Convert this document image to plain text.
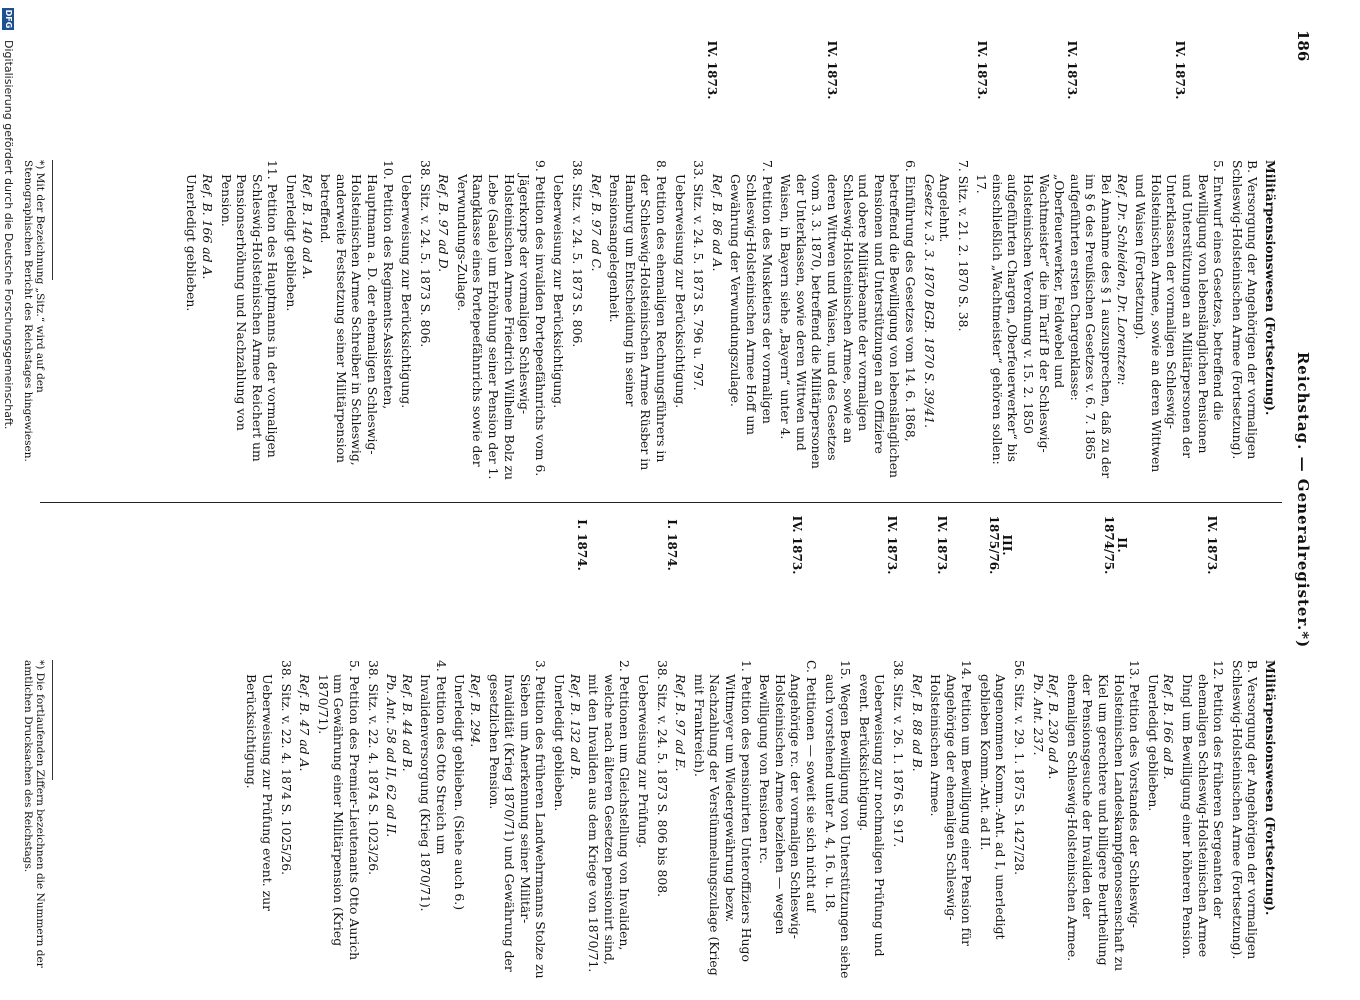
186
Reichstag. — Generalregister.*)
IV. 1873.
IV. 1873.
IV. 1873.
IV. 1873.
IV. 1873.
Militärpensionswesen (Fortsetzung).
B. Versorgung der Angehörigen der vormaligen Schleswig-Holsteinischen Armee (Fortsetzung).
5. Entwurf eines Gesetzes, betreffend die Bewilligung von lebenslänglichen Pensionen und Unterstützungen an Militärpersonen der Unterklassen der vormaligen Schleswig-Holsteinischen Armee, sowie an deren Wittwen und Waisen (Fortsetzung).
Ref. Dr. Schleiden, Dr. Lorentzen:
Bei Annahme des § 1 auszusprechen, daß zu der im § 6 des Preußischen Gesetzes v. 6. 7. 1865 aufgeführten ersten Chargenklasse: „Oberfeuerwerker, Feldwebel und Wachtmeister“ die im Tarif B der Schleswig-Holsteinischen Verordnung v. 15. 2. 1850 aufgeführten Chargen „Oberfeuerwerker“ bis einschließlich „Wachtmeister“ gehören sollen: 17.
7. Sitz. v. 21. 2. 1870 S. 38.
Angelehnt.
Gesetz v. 3. 3. 1870 BGB. 1870 S. 39/41.
6. Einführung des Gesetzes vom 14. 6. 1868, betreffend die Bewilligung von lebenslänglichen Pensionen und Unterstützungen an Offiziere und obere Militärbeamte der vormaligen Schleswig-Holsteinischen Armee, sowie an deren Wittwen und Waisen, und des Gesetzes vom 3. 3. 1870, betreffend die Militärpersonen der Unterklassen, sowie deren Wittwen und Waisen, in Bayern siehe „Bayern“ unter 4.
7. Petition des Musketiers der vormaligen Schleswig-Holsteinischen Armee Hoff um Gewährung der Verwundungszulage.
Ref. B. 86 ad A.
33. Sitz. v. 24. 5. 1873 S. 796 u. 797.
Ueberweisung zur Berücksichtigung.
8. Petition des ehemaligen Rechnungsführers in der Schleswig-Holsteinischen Armee Rüsber in Hamburg um Entscheidung in seiner Pensionsangelegenheit.
Ref. B. 97 ad C.
38. Sitz. v. 24. 5. 1873 S. 806.
Ueberweisung zur Berücksichtigung.
9. Petition des invaliden Portepeefähnrichs vom 6. Jägerkorps der vormaligen Schleswig-Holsteinischen Armee Friedrich Wilhelm Bolz zu Lebe (Saale) um Erhöhung seiner Pension der 1. Rangklasse eines Portepeefähnrichs sowie der Verwundungs-Zulage.
Ref. B. 97 ad D.
38. Sitz. v. 24. 5. 1873 S. 806.
Ueberweisung zur Berücksichtigung.
10. Petition des Regiments-Assistenten, Hauptmann a. D. der ehemaligen Schleswig-Holsteinischen Armee Schreiber in Schleswig, anderweite Festsetzung seiner Militärpension betreffend.
Ref. B. 140 ad A.
Unerledigt geblieben.
11. Petition des Hauptmanns in der vormaligen Schleswig-Holsteinischen Armee Reichert um Pensionserhöhung und Nachzahlung von Pension.
Ref. B. 166 ad A.
Unerledigt geblieben.
*) Mit der Bezeichnung „Sitz.“ wird auf den Stenographischen Bericht des Reichstages hingewiesen.
IV. 1873.
II. 1874/75.
III. 1875/76.
IV. 1873.
IV. 1873.
IV. 1873.
I. 1874.
I. 1874.
Militärpensionswesen (Fortsetzung).
B. Versorgung der Angehörigen der vormaligen Schleswig-Holsteinischen Armee (Fortsetzung).
12. Petition des früheren Sergeanten der ehemaligen Schleswig-Holsteinischen Armee Dingl um Bewilligung einer höheren Pension.
Ref. B. 166 ad B.
Unerledigt geblieben.
13. Petition des Vorstandes der Schleswig-Holsteinischen Landeskampfgenossenschaft zu Kiel um gerechtere und billigere Beurtheilung der Pensionsgesuche der Invaliden der ehemaligen Schleswig-Holsteinischen Armee.
Ref. B. 230 ad A.
Pb. Ant. 237.
56. Sitz. v. 29. 1. 1875 S. 1427/28.
Angenommen Komm.-Ant. ad I, unerledigt geblieben Komm.-Ant. ad II.
14. Petition um Bewilligung einer Pension für Angehörige der ehemaligen Schleswig-Holsteinischen Armee.
Ref. B. 88 ad B.
38. Sitz. v. 26. 1. 1876 S. 917.
Ueberweisung zur nochmaligen Prüfung und event. Berücksichtigung.
15. Wegen Bewilligung von Unterstützungen siehe auch vorstehend unter A. 4, 16. u. 18.
C. Petitionen — soweit sie sich nicht auf Angehörige rc. der vormaligen Schleswig-Holsteinischen Armee beziehen — wegen Bewilligung von Pensionen rc.
1. Petition des pensionirten Unteroffiziers Hugo Wittmeyer um Wiedergewährung bezw. Nachzahlung der Verstümmelungszulage (Krieg mit Frankreich).
Ref. B. 97 ad E.
38. Sitz. v. 24. 5. 1873 S. 806 bis 808.
Ueberweisung zur Prüfung.
2. Petitionen um Gleichstellung von Invaliden, welche nach älteren Gesetzen pensionirt sind, mit den Invaliden aus dem Kriege von 1870/71.
Ref. B. 132 ad B.
Unerledigt geblieben.
3. Petition des früheren Landwehrmanns Stolze zu Sieben um Anerkennung seiner Militär-Invalidität (Krieg 1870/71) und Gewährung der gesetzlichen Pension.
Ref. B. 294.
Unerledigt geblieben. (Siehe auch 6.)
4. Petition des Otto Streich um Invalidenversorgung (Krieg 1870/71).
Ref. B. 44 ad B.
Pb. Ant. 58 ad II, 62 ad II.
38. Sitz. v. 22. 4. 1874 S. 1023/26.
5. Petition des Premier-Lieutenants Otto Aurich um Gewährung einer Militärpension (Krieg 1870/71).
Ref. B. 47 ad A.
38. Sitz. v. 22. 4. 1874 S. 1025/26.
Ueberweisung zur Prüfung event. zur Berücksichtigung.
*) Die fortlaufenden Ziffern bezeichnen die Nummern der amtlichen Drucksachen des Reichstags.
DFG
Digitalisierung gefördert durch die Deutsche Forschungsgemeinschaft.
